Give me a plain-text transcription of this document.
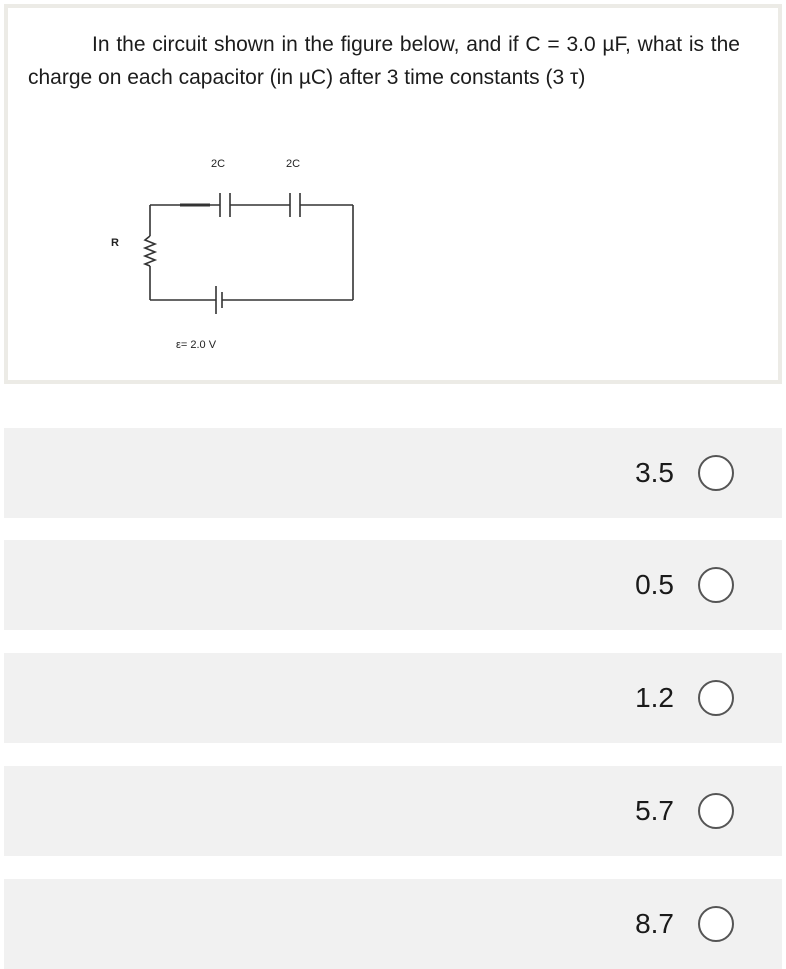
In the circuit shown in the figure below, and if C = 3.0 µF, what is the charge on each capacitor (in µC) after 3 time constants (3 τ)
2C	2C
R
ε= 2.0 V
3.5
0.5
1.2
5.7
8.7
